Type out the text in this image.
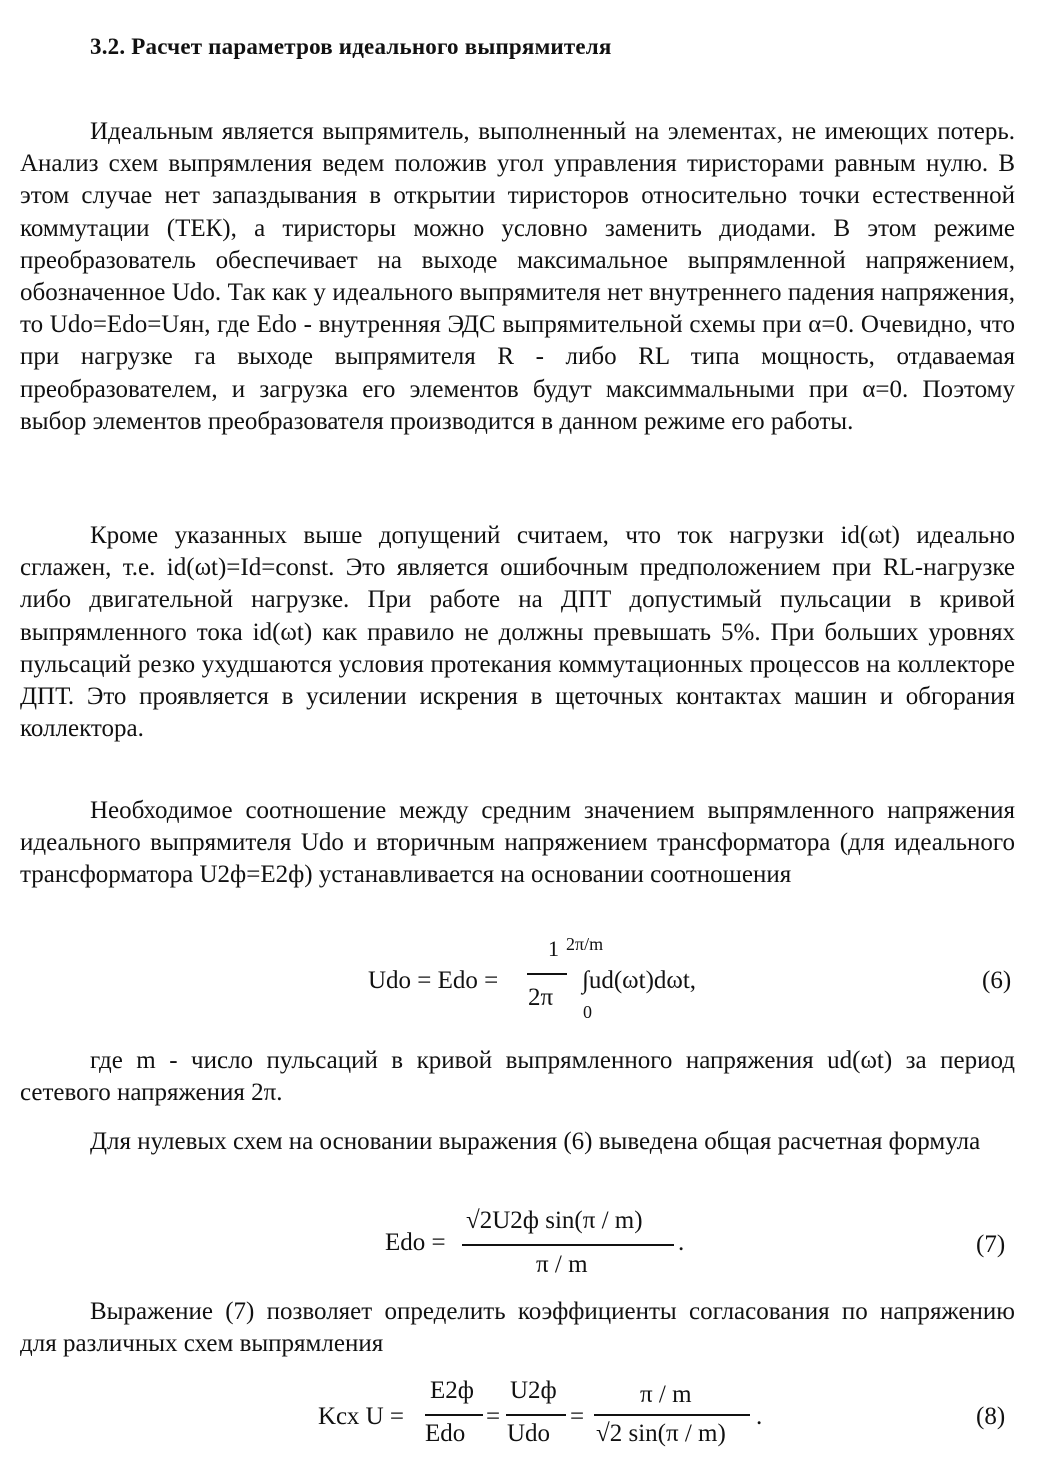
3.2. Расчет параметров идеального выпрямителя

Идеальным является выпрямитель, выполненный на элементах, не имеющих потерь. Анализ схем выпрямления ведем положив угол управления тиристорами равным нулю. В этом случае нет запаздывания в открытии тиристоров относительно точки естественной коммутации (ТЕК), а тиристоры можно условно заменить диодами. В этом режиме преобразователь обеспечивает на выходе максимальное выпрямленной напряжением, обозначенное Udo. Так как у идеального выпрямителя нет внутреннего падения напряжения, то Udo=Edo=Uян, где Edo - внутренняя ЭДС выпрямительной схемы при α=0. Очевидно, что при нагрузке га выходе выпрямителя R - либо RL типа мощность, отдаваемая преобразователем, и загрузка его элементов будут максиммальными при α=0. Поэтому выбор элементов преобразователя производится в данном режиме его работы.

Кроме указанных выше допущений считаем, что ток нагрузки id(ωt) идеально сглажен, т.е. id(ωt)=Id=const. Это является ошибочным предположением при RL-нагрузке либо двигательной нагрузке. При работе на ДПТ допустимый пульсации в кривой выпрямленного тока id(ωt) как правило не должны превышать 5%. При больших уровнях пульсаций резко ухудшаются условия протекания коммутационных процессов на коллекторе ДПТ. Это проявляется в усилении искрения в щеточных контактах машин и обгорания коллектора.

Необходимое соотношение между средним значением выпрямленного напряжения идеального выпрямителя Udo и вторичным напряжением трансформатора (для идеального трансформатора U2ф=E2ф) устанавливается на основании соотношения

Udo = Edo =
1
2π
2π/m
0
∫ud(ωt)dωt,	(6)

где m - число пульсаций в кривой выпрямленного напряжения ud(ωt) за период сетевого напряжения 2π.

Для нулевых схем на основании выражения (6) выведена общая расчетная формула

Edo =
√2U2ф sin(π / m)
π / m
.	(7)

Выражение (7) позволяет определить коэффициенты согласования по напряжению для различных схем выпрямления

Kсх U =
E2ф
Edo
=
U2ф
Udo
=
π / m
√2 sin(π / m)
.	(8)
